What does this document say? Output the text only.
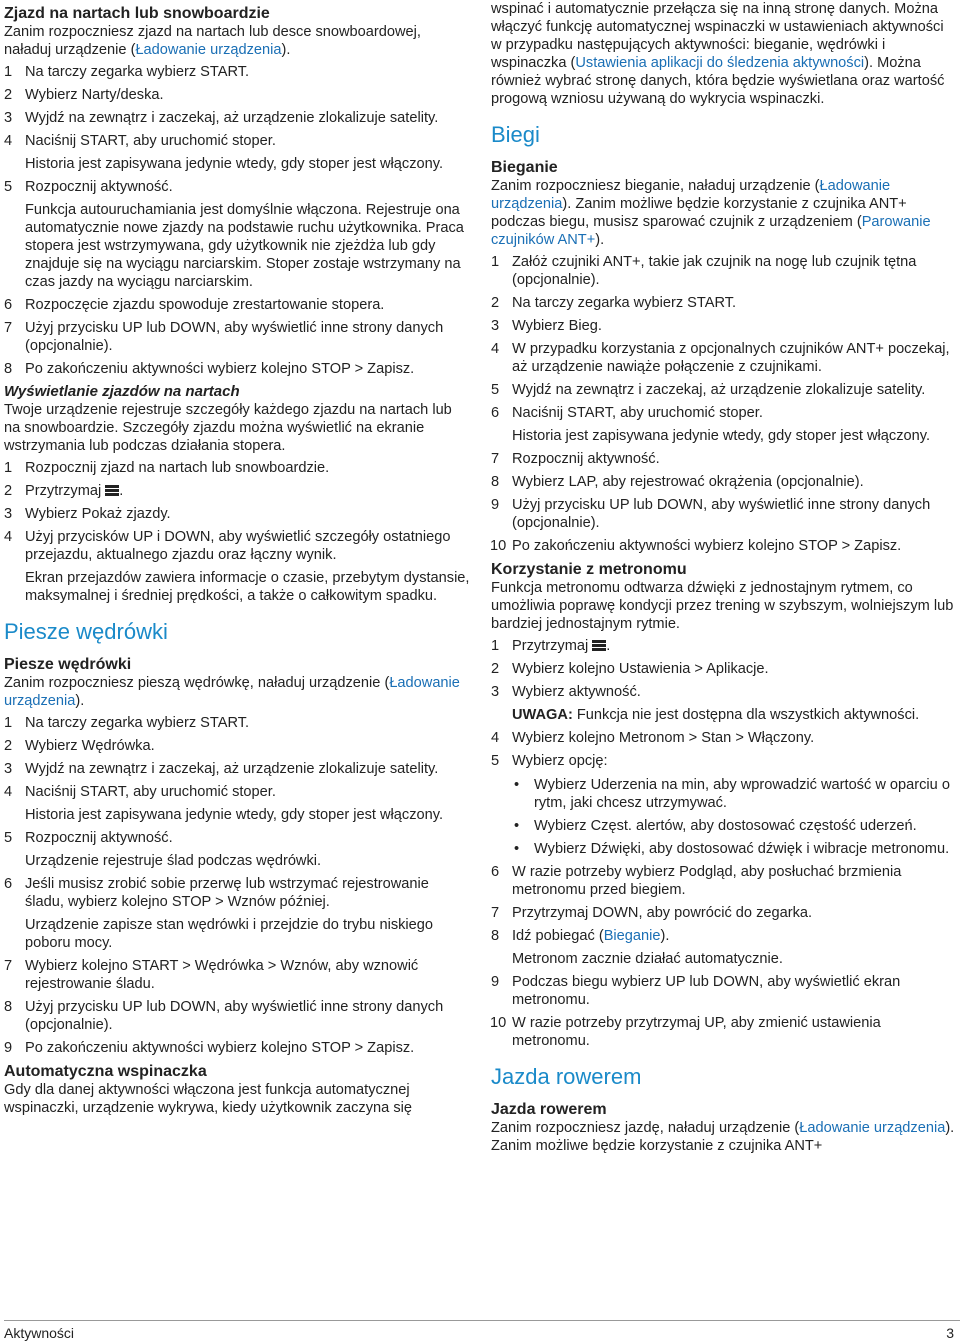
Zjazd na nartach lub snowboardzie

Zanim rozpoczniesz zjazd na nartach lub desce snowboardowej, naładuj urządzenie (Ładowanie urządzenia).

1 Na tarczy zegarka wybierz START.
2 Wybierz Narty/deska.
3 Wyjdź na zewnątrz i zaczekaj, aż urządzenie zlokalizuje satelity.
4 Naciśnij START, aby uruchomić stoper.

Historia jest zapisywana jedynie wtedy, gdy stoper jest włączony.

5 Rozpocznij aktywność.

Funkcja autouruchamiania jest domyślnie włączona. Rejestruje ona automatycznie nowe zjazdy na podstawie ruchu użytkownika. Praca stopera jest wstrzymywana, gdy użytkownik nie zjeżdża lub gdy znajduje się na wyciągu narciarskim. Stoper zostaje wstrzymany na czas jazdy na wyciągu narciarskim.

6 Rozpoczęcie zjazdu spowoduje zrestartowanie stopera.
7 Użyj przycisku UP lub DOWN, aby wyświetlić inne strony danych (opcjonalnie).
8 Po zakończeniu aktywności wybierz kolejno STOP > Zapisz.
Wyświetlanie zjazdów na nartach

Twoje urządzenie rejestruje szczegóły każdego zjazdu na nartach lub na snowboardzie. Szczegóły zjazdu można wyświetlić na ekranie wstrzymania lub podczas działania stopera.

1 Rozpocznij zjazd na nartach lub snowboardzie.
2 Przytrzymaj .
3 Wybierz Pokaż zjazdy.
4 Użyj przycisków UP i DOWN, aby wyświetlić szczegóły ostatniego przejazdu, aktualnego zjazdu oraz łączny wynik.

Ekran przejazdów zawiera informacje o czasie, przebytym dystansie, maksymalnej i średniej prędkości, a także o całkowitym spadku.

Piesze wędrówki
Piesze wędrówki

Zanim rozpoczniesz pieszą wędrówkę, naładuj urządzenie (Ładowanie urządzenia).

1 Na tarczy zegarka wybierz START.
2 Wybierz Wędrówka.
3 Wyjdź na zewnątrz i zaczekaj, aż urządzenie zlokalizuje satelity.
4 Naciśnij START, aby uruchomić stoper.

Historia jest zapisywana jedynie wtedy, gdy stoper jest włączony.

5 Rozpocznij aktywność.

Urządzenie rejestruje ślad podczas wędrówki.

6 Jeśli musisz zrobić sobie przerwę lub wstrzymać rejestrowanie śladu, wybierz kolejno STOP > Wznów później.

Urządzenie zapisze stan wędrówki i przejdzie do trybu niskiego poboru mocy.

7 Wybierz kolejno START > Wędrówka > Wznów, aby wznowić rejestrowanie śladu.
8 Użyj przycisku UP lub DOWN, aby wyświetlić inne strony danych (opcjonalnie).
9 Po zakończeniu aktywności wybierz kolejno STOP > Zapisz.
Automatyczna wspinaczka

Gdy dla danej aktywności włączona jest funkcja automatycznej wspinaczki, urządzenie wykrywa, kiedy użytkownik zaczyna się

wspinać i automatycznie przełącza się na inną stronę danych. Można włączyć funkcję automatycznej wspinaczki w ustawieniach aktywności w przypadku następujących aktywności: bieganie, wędrówki i wspinaczka (Ustawienia aplikacji do śledzenia aktywności). Można również wybrać stronę danych, która będzie wyświetlana oraz wartość progową wzniosu używaną do wykrycia wspinaczki.

Biegi
Bieganie

Zanim rozpoczniesz bieganie, naładuj urządzenie (Ładowanie urządzenia). Zanim możliwe będzie korzystanie z czujnika ANT+ podczas biegu, musisz sparować czujnik z urządzeniem (Parowanie czujników ANT+).

1 Załóż czujniki ANT+, takie jak czujnik na nogę lub czujnik tętna (opcjonalnie).
2 Na tarczy zegarka wybierz START.
3 Wybierz Bieg.
4 W przypadku korzystania z opcjonalnych czujników ANT+ poczekaj, aż urządzenie nawiąże połączenie z czujnikami.
5 Wyjdź na zewnątrz i zaczekaj, aż urządzenie zlokalizuje satelity.
6 Naciśnij START, aby uruchomić stoper.

Historia jest zapisywana jedynie wtedy, gdy stoper jest włączony.

7 Rozpocznij aktywność.
8 Wybierz LAP, aby rejestrować okrążenia (opcjonalnie).
9 Użyj przycisku UP lub DOWN, aby wyświetlić inne strony danych (opcjonalnie).
10 Po zakończeniu aktywności wybierz kolejno STOP > Zapisz.
Korzystanie z metronomu

Funkcja metronomu odtwarza dźwięki z jednostajnym rytmem, co umożliwia poprawę kondycji przez trening w szybszym, wolniejszym lub bardziej jednostajnym rytmie.

1 Przytrzymaj .
2 Wybierz kolejno Ustawienia > Aplikacje.
3 Wybierz aktywność.

UWAGA: Funkcja nie jest dostępna dla wszystkich aktywności.

4 Wybierz kolejno Metronom > Stan > Włączony.
5 Wybierz opcję:
• Wybierz Uderzenia na min, aby wprowadzić wartość w oparciu o rytm, jaki chcesz utrzymywać.
• Wybierz Częst. alertów, aby dostosować częstość uderzeń.
• Wybierz Dźwięki, aby dostosować dźwięk i wibracje metronomu.
6 W razie potrzeby wybierz Podgląd, aby posłuchać brzmienia metronomu przed biegiem.
7 Przytrzymaj DOWN, aby powrócić do zegarka.
8 Idź pobiegać (Bieganie).

Metronom zacznie działać automatycznie.

9 Podczas biegu wybierz UP lub DOWN, aby wyświetlić ekran metronomu.
10 W razie potrzeby przytrzymaj UP, aby zmienić ustawienia metronomu.
Jazda rowerem
Jazda rowerem

Zanim rozpoczniesz jazdę, naładuj urządzenie (Ładowanie urządzenia). Zanim możliwe będzie korzystanie z czujnika ANT+

Aktywności	3
